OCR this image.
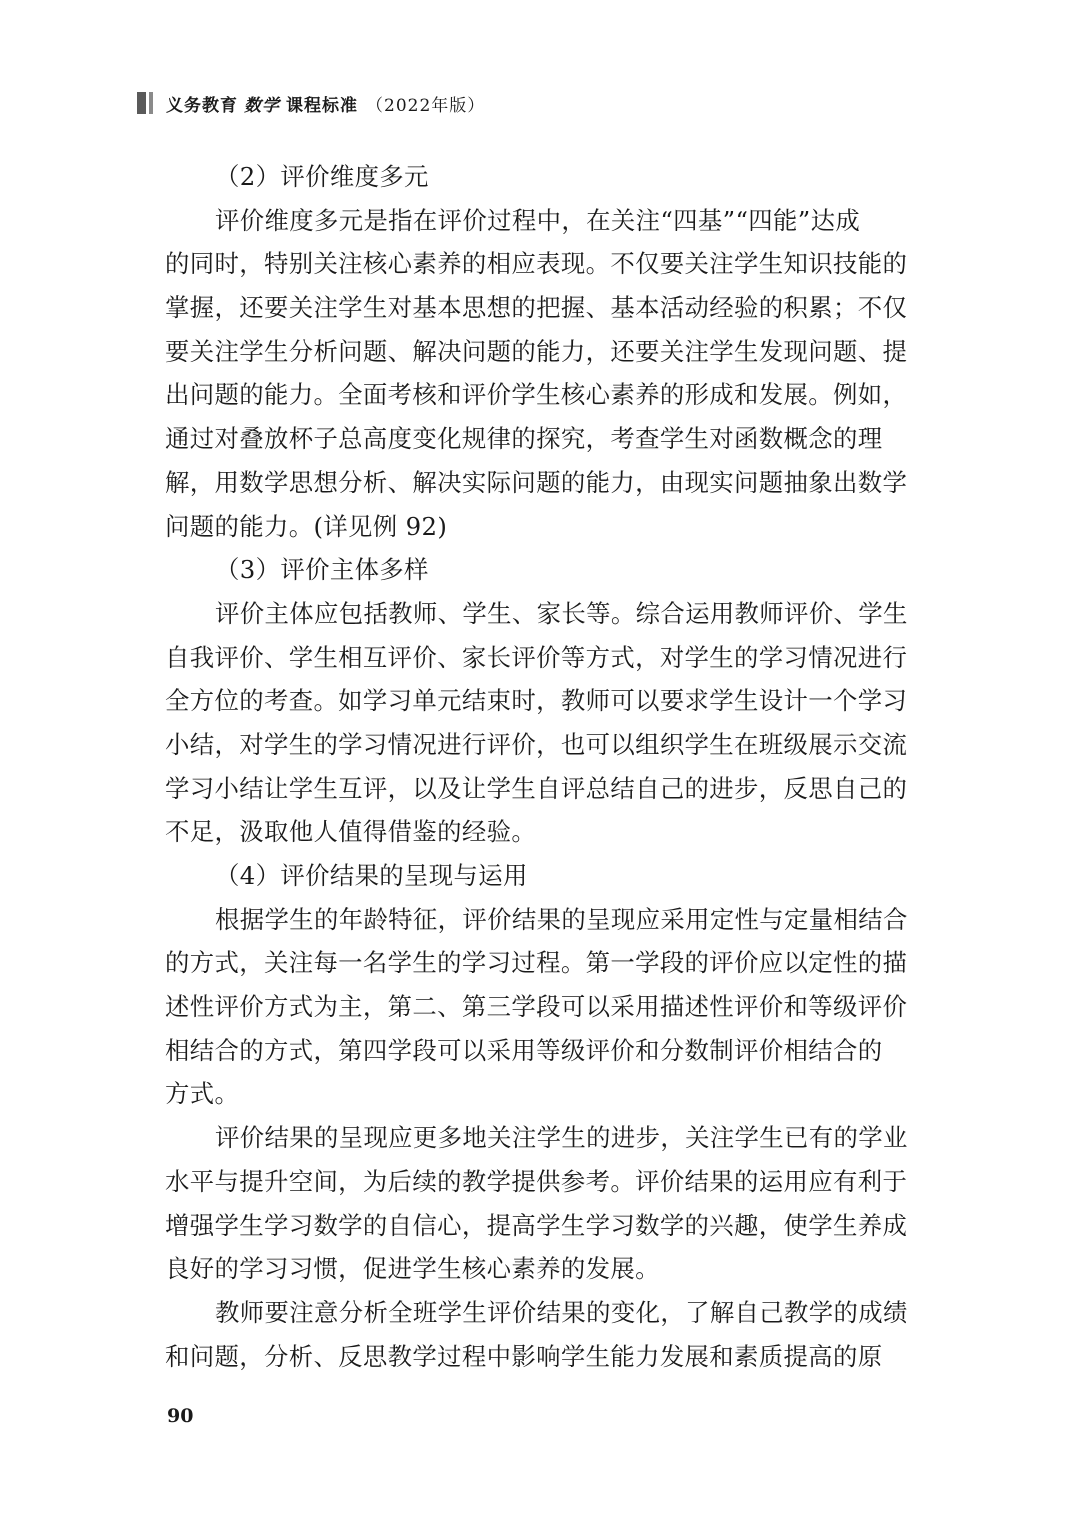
义务教育 数学 课程标准 （2022年版）
（2）评价维度多元
评价维度多元是指在评价过程中，在关注“四基”“四能”达成
的同时，特别关注核心素养的相应表现。不仅要关注学生知识技能的
掌握，还要关注学生对基本思想的把握、基本活动经验的积累；不仅
要关注学生分析问题、解决问题的能力，还要关注学生发现问题、提
出问题的能力。全面考核和评价学生核心素养的形成和发展。例如，
通过对叠放杯子总高度变化规律的探究，考查学生对函数概念的理
解，用数学思想分析、解决实际问题的能力，由现实问题抽象出数学
问题的能力。(详见例 92)
（3）评价主体多样
评价主体应包括教师、学生、家长等。综合运用教师评价、学生
自我评价、学生相互评价、家长评价等方式，对学生的学习情况进行
全方位的考查。如学习单元结束时，教师可以要求学生设计一个学习
小结，对学生的学习情况进行评价，也可以组织学生在班级展示交流
学习小结让学生互评，以及让学生自评总结自己的进步，反思自己的
不足，汲取他人值得借鉴的经验。
（4）评价结果的呈现与运用
根据学生的年龄特征，评价结果的呈现应采用定性与定量相结合
的方式，关注每一名学生的学习过程。第一学段的评价应以定性的描
述性评价方式为主，第二、第三学段可以采用描述性评价和等级评价
相结合的方式，第四学段可以采用等级评价和分数制评价相结合的
方式。
评价结果的呈现应更多地关注学生的进步，关注学生已有的学业
水平与提升空间，为后续的教学提供参考。评价结果的运用应有利于
增强学生学习数学的自信心，提高学生学习数学的兴趣，使学生养成
良好的学习习惯，促进学生核心素养的发展。
教师要注意分析全班学生评价结果的变化，了解自己教学的成绩
和问题，分析、反思教学过程中影响学生能力发展和素质提高的原
90
